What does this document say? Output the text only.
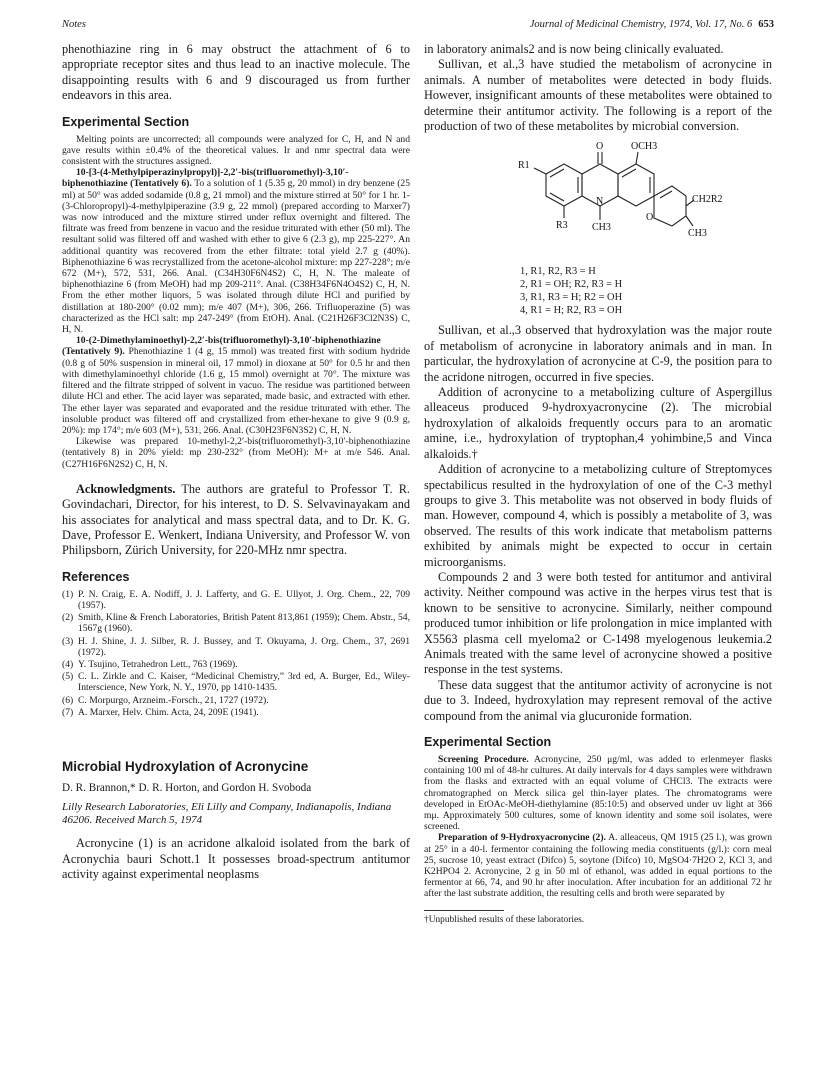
Notes	Journal of Medicinal Chemistry, 1974, Vol. 17, No. 6 653

phenothiazine ring in 6 may obstruct the attachment of 6 to appropriate receptor sites and thus lead to an inactive molecule. The disappointing results with 6 and 9 discouraged us from further endeavors in this area.

Experimental Section

Melting points are uncorrected; all compounds were analyzed for C, H, and N and gave results within ±0.4% of the theoretical values. Ir and nmr spectral data were consistent with the structures assigned.

10-[3-(4-Methylpiperazinylpropyl)]-2,2′-bis(trifluoromethyl)-3,10′-biphenothiazine (Tentatively 6). To a solution of 1 (5.35 g, 20 mmol) in dry benzene (25 ml) at 50° was added sodamide (0.8 g, 21 mmol) and the mixture stirred at 50° for 1 hr. 1-(3-Chloropropyl)-4-methylpiperazine (3.9 g, 22 mmol) (prepared according to Marxer7) was now introduced and the mixture stirred under reflux overnight and filtered. The filtrate was freed from benzene in vacuo and the residue triturated with ether (50 ml). The resultant solid was filtered off and washed with ether to give 6 (2.3 g), mp 225-227°. An additional quantity was recovered from the ether filtrate: total yield 2.7 g (40%). Biphenothiazine 6 was recrystallized from the acetone-alcohol mixture: mp 227-228°; m/e 672 (M+), 572, 531, 266. Anal. (C34H30F6N4S2) C, H, N. The maleate of biphenothiazine 6 (from MeOH) had mp 209-211°. Anal. (C38H34F6N4O4S2) C, H, N. From the ether mother liquors, 5 was isolated through dilute HCl and purified by distillation at 180-200° (0.02 mm); m/e 407 (M+), 306, 266. Trifluoperazine (5) was characterized as the HCl salt: mp 247-249° (from EtOH). Anal. (C21H26F3Cl2N3S) C, H, N.

10-(2-Dimethylaminoethyl)-2,2′-bis(trifluoromethyl)-3,10′-biphenothiazine (Tentatively 9). Phenothiazine 1 (4 g, 15 mmol) was treated first with sodium hydride (0.8 g of 50% suspension in mineral oil, 17 mmol) in dioxane at 50° for 0.5 hr and then with dimethylaminoethyl chloride (1.6 g, 15 mmol) overnight at 70°. The mixture was filtered and the filtrate stripped of solvent in vacuo. The residue was partitioned between dilute HCl and ether. The acid layer was separated, made basic, and extracted with ether. The ether layer was separated and evaporated and the residue triturated with ether. The insoluble product was filtered off and crystallized from ether-hexane to give 9 (0.9 g, 20%): mp 174°; m/e 603 (M+), 531, 266. Anal. (C30H23F6N3S2) C, H, N.

Likewise was prepared 10-methyl-2,2′-bis(trifluoromethyl)-3,10′-biphenothiazine (tentatively 8) in 20% yield: mp 230-232° (from MeOH): M+ at m/e 546. Anal. (C27H16F6N2S2) C, H, N.

Acknowledgments. The authors are grateful to Professor T. R. Govindachari, Director, for his interest, to D. S. Selvavinayakam and his associates for analytical and mass spectral data, and to Dr. K. G. Dave, Professor E. Wenkert, Indiana University, and Professor W. von Philipsborn, Zürich University, for 220-MHz nmr spectra.

References
(1) P. N. Craig, E. A. Nodiff, J. J. Lafferty, and G. E. Ullyot, J. Org. Chem., 22, 709 (1957).
(2) Smith, Kline & French Laboratories, British Patent 813,861 (1959); Chem. Abstr., 54, 1567g (1960).
(3) H. J. Shine, J. J. Silber, R. J. Bussey, and T. Okuyama, J. Org. Chem., 37, 2691 (1972).
(4) Y. Tsujino, Tetrahedron Lett., 763 (1969).
(5) C. L. Zirkle and C. Kaiser, “Medicinal Chemistry,” 3rd ed, A. Burger, Ed., Wiley-Interscience, New York, N. Y., 1970, pp 1410-1435.
(6) C. Morpurgo, Arzneim.-Forsch., 21, 1727 (1972).
(7) A. Marxer, Helv. Chim. Acta, 24, 209E (1941).
Microbial Hydroxylation of Acronycine
D. R. Brannon,* D. R. Horton, and Gordon H. Svoboda
Lilly Research Laboratories, Eli Lilly and Company, Indianapolis, Indiana 46206. Received March 5, 1974

Acronycine (1) is an acridone alkaloid isolated from the bark of Acronychia bauri Schott.1 It possesses broad-spectrum antitumor activity against experimental neoplasms

in laboratory animals2 and is now being clinically evaluated.

Sullivan, et al.,3 have studied the metabolism of acronycine in animals. A number of metabolites were detected in body fluids. However, insignificant amounts of these metabolites were obtained to determine their antitumor activity. The following is a report of the production of two of these metabolites by microbial conversion.

O	OCH3
R1
N
O
CH2R2
R3 CH3
CH3
1, R1, R2, R3 = H
2, R1 = OH; R2, R3 = H
3, R1, R3 = H; R2 = OH
4, R1 = H; R2, R3 = OH

Sullivan, et al.,3 observed that hydroxylation was the major route of metabolism of acronycine in laboratory animals and in man. In particular, the hydroxylation of acronycine at C-9, the position para to the acridone nitrogen, occurred in five species.

Addition of acronycine to a metabolizing culture of Aspergillus alleaceus produced 9-hydroxyacronycine (2). The microbial hydroxylation of alkaloids frequently occurs para to an aromatic amine, i.e., hydroxylation of tryptophan,4 yohimbine,5 and Vinca alkaloids.†

Addition of acronycine to a metabolizing culture of Streptomyces spectabilicus resulted in the hydroxylation of one of the C-3 methyl groups to give 3. This metabolite was not observed in body fluids of man. However, compound 4, which is possibly a metabolite of 3, was observed. The results of this work indicate that metabolism patterns exhibited by animals might be expected to occur in certain microorganisms.

Compounds 2 and 3 were both tested for antitumor and antiviral activity. Neither compound was active in the herpes virus test that is known to be sensitive to acronycine. Similarly, neither compound produced tumor inhibition or life prolongation in mice implanted with X5563 plasma cell myeloma2 or C-1498 myelogenous leukemia.2 Animals treated with the same level of acronycine showed a positive response in the test systems.

These data suggest that the antitumor activity of acronycine is not due to 3. Indeed, hydroxylation may represent removal of the active compound from the animal via glucuronide formation.

Experimental Section

Screening Procedure. Acronycine, 250 μg/ml, was added to erlenmeyer flasks containing 100 ml of 48-hr cultures. At daily intervals for 4 days samples were withdrawn from the flasks and extracted with an equal volume of CHCl3. The extracts were chromatographed on Merck silica gel thin-layer plates. The chromatograms were developed in EtOAc-MeOH-diethylamine (85:10:5) and observed under uv light at 366 mμ. Approximately 500 cultures, some of known identity and some soil isolates, were screened.

Preparation of 9-Hydroxyacronycine (2). A. alleaceus, QM 1915 (25 l.), was grown at 25° in a 40-l. fermentor containing the following media constituents (g/l.): corn meal 25, sucrose 10, yeast extract (Difco) 5, soytone (Difco) 10, MgSO4·7H2O 2, KCl 3, and K2HPO4 2. Acronycine, 2 g in 50 ml of ethanol, was added in equal portions to the fermentor at 66, 74, and 90 hr after inoculation. After incubation for an additional 72 hr after the last substrate addition, the resulting cells and broth were separated by

†Unpublished results of these laboratories.
